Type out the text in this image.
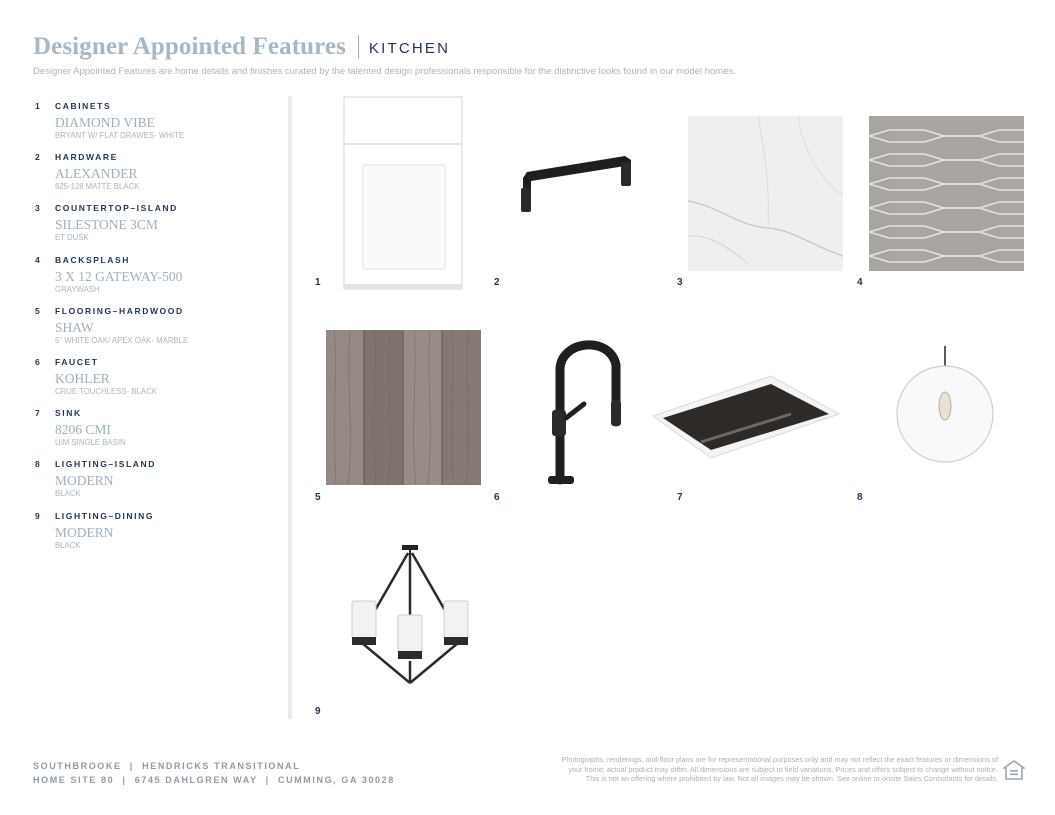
Designer Appointed Features KITCHEN
Designer Appointed Features are home details and finishes curated by the talented design professionals responsible for the distinctive looks found in our model homes.
1 CABINETS
DIAMOND VIBE
BRYANT W/ FLAT DRAWES- WHITE
2 HARDWARE
ALEXANDER
625-128 MATTE BLACK
3 COUNTERTOP–ISLAND
SILESTONE 3CM
ET DUSK
4 BACKSPLASH
3 X 12 GATEWAY-500
GRAYWASH
5 FLOORING–HARDWOOD
SHAW
5" WHITE OAK/ APEX OAK- MARBLE
6 FAUCET
KOHLER
CRUE TOUCHLESS- BLACK
7 SINK
8206 CMI
U/M SINGLE BASIN
8 LIGHTING–ISLAND
MODERN
BLACK
9 LIGHTING–DINING
MODERN
BLACK
1	2	3	4
5	6	7	8
9
SOUTHBROOKE  |  HENDRICKS TRANSITIONAL
HOME SITE 80  |  6745 DAHLGREN WAY  |  CUMMING, GA 30028
Photographs, renderings, and floor plans are for representational purposes only and may not reflect the exact features or dimensions of
your home; actual product may differ. All dimensions are subject to field variations. Prices and offers subject to change without notice.
This is not an offering where prohibited by law. Not all images may be shown. See online or onsite Sales Consultants for details.
